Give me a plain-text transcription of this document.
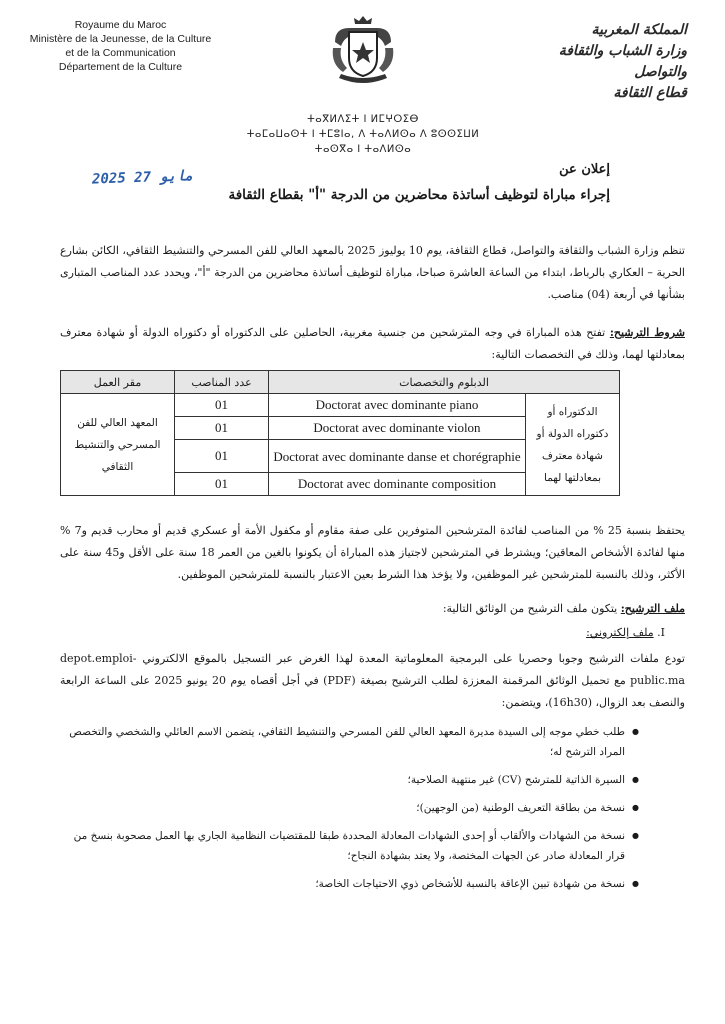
Royaume du Maroc
Ministère de la Jeunesse, de la Culture
et de la Communication
Département de la Culture
المملكة المغربية
وزارة الشباب والثقافة
والتواصل
قطاع الثقافة
ⵜⴰⴳⵍⴷⵉⵜ ⵏ ⵍⵎⵖⵔⵉⴱ
ⵜⴰⵎⴰⵡⴰⵙⵜ ⵏ ⵜⵎⵓⵏⴰ, ⴷ ⵜⴰⴷⵍⵙⴰ ⴷ ⵓⵙⵙⵉⵡⵍ
ⵜⴰⵙⴳⴰ ⵏ ⵜⴰⴷⵍⵙⴰ
2025 مايو 27	إعلان عن
إجراء مباراة لتوظيف أساتذة محاضرين من الدرجة "أ" بقطاع الثقافة
تنظم وزارة الشباب والثقافة والتواصل، قطاع الثقافة، يوم 10 يوليوز 2025 بالمعهد العالي للفن المسرحي والتنشيط الثقافي، الكائن بشارع الحرية – العكاري بالرباط، ابتداء من الساعة العاشرة صباحا، مباراة لتوظيف أساتذة محاضرين من الدرجة "أ"، ويحدد عدد المناصب المتبارى بشأنها في أربعة (04) مناصب.
شروط الترشيح: تفتح هذه المباراة في وجه المترشحين من جنسية مغربية، الحاصلين على الدكتوراه أو دكتوراه الدولة أو شهادة معترف بمعادلتها لهما، وذلك في التخصصات التالية:
مقر العمل	عدد المناصب	الدبلوم والتخصصات	
المعهد العالي للفن المسرحي والتنشيط الثقافي	01	Doctorat avec dominante piano	الدكتوراه أو دكتوراه الدولة أو شهادة معترف بمعادلتها لهما
	01	Doctorat avec dominante violon	
	01	Doctorat avec dominante danse et chorégraphie	
	01	Doctorat avec dominante composition	
يحتفظ بنسبة 25 % من المناصب لفائدة المترشحين المتوفرين على صفة مقاوم أو مكفول الأمة أو عسكري قديم أو محارب قديم و7 % منها لفائدة الأشخاص المعاقين؛ ويشترط في المترشحين لاجتياز هذه المباراة أن يكونوا بالغين من العمر 18 سنة على الأقل و45 سنة على الأكثر، وذلك بالنسبة للمترشحين غير الموظفين، ولا يؤخذ هذا الشرط بعين الاعتبار بالنسبة للمترشحين الموظفين.
ملف الترشيح: يتكون ملف الترشيح من الوثائق التالية:
I. ملف إلكتروني:
تودع ملفات الترشيح وجوبا وحصريا على البرمجية المعلوماتية المعدة لهذا الغرض عبر التسجيل بالموقع الالكتروني depot.emploi-public.ma مع تحميل الوثائق المرقمنة المعززة لطلب الترشيح بصيغة (PDF) في أجل أقصاه يوم 20 يونيو 2025 على الساعة الرابعة والنصف بعد الزوال، (16h30)، ويتضمن:
● طلب خطي موجه إلى السيدة مديرة المعهد العالي للفن المسرحي والتنشيط الثقافي، يتضمن الاسم العائلي والشخصي والتخصص المراد الترشح له؛
● السيرة الذاتية للمترشح (CV) غير منتهية الصلاحية؛
● نسخة من بطاقة التعريف الوطنية (من الوجهين)؛
● نسخة من الشهادات والألقاب أو إحدى الشهادات المعادلة المحددة طبقا للمقتضيات النظامية الجاري بها العمل مصحوبة بنسخ من قرار المعادلة صادر عن الجهات المختصة، ولا يعتد بشهادة النجاح؛
● نسخة من شهادة تبين الإعاقة بالنسبة للأشخاص ذوي الاحتياجات الخاصة؛
